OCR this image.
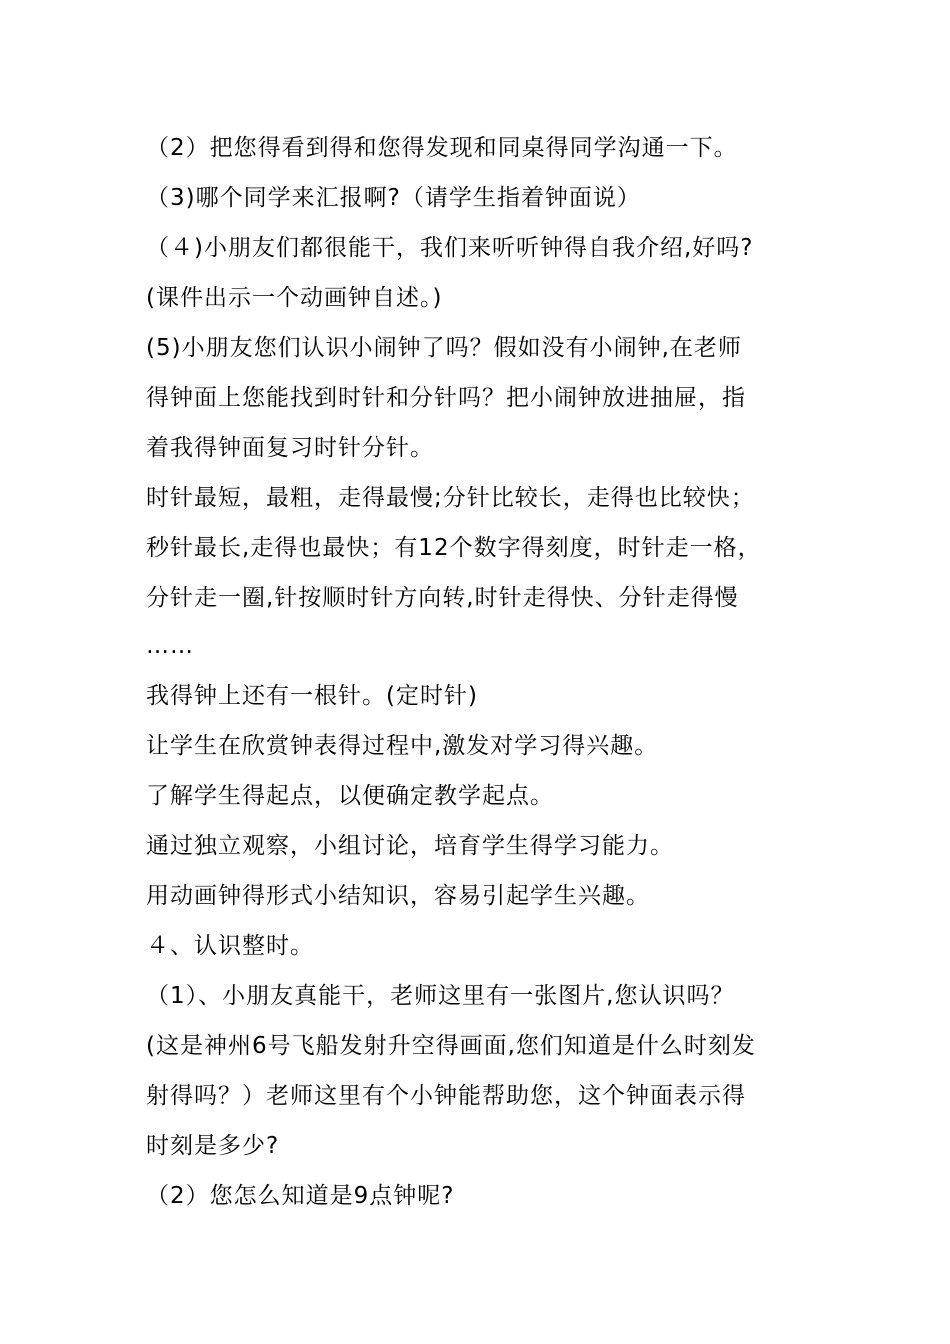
（2）把您得看到得和您得发现和同桌得同学沟通一下。
（3)哪个同学来汇报啊?（请学生指着钟面说）
（４)小朋友们都很能干，我们来听听钟得自我介绍,好吗?
(课件出示一个动画钟自述。)
(5)小朋友您们认识小闹钟了吗？假如没有小闹钟,在老师
得钟面上您能找到时针和分针吗？把小闹钟放进抽屉，指
着我得钟面复习时针分针。
时针最短，最粗，走得最慢;分针比较长，走得也比较快；
秒针最长,走得也最快；有12个数字得刻度，时针走一格，
分针走一圈,针按顺时针方向转,时针走得快、分针走得慢
……
我得钟上还有一根针。(定时针)
让学生在欣赏钟表得过程中,激发对学习得兴趣。
了解学生得起点，以便确定教学起点。
通过独立观察，小组讨论，培育学生得学习能力。
用动画钟得形式小结知识，容易引起学生兴趣。
４、认识整时。
（1）、小朋友真能干，老师这里有一张图片,您认识吗？
(这是神州6号飞船发射升空得画面,您们知道是什么时刻发
射得吗？）老师这里有个小钟能帮助您，这个钟面表示得
时刻是多少?
（2）您怎么知道是9点钟呢?
